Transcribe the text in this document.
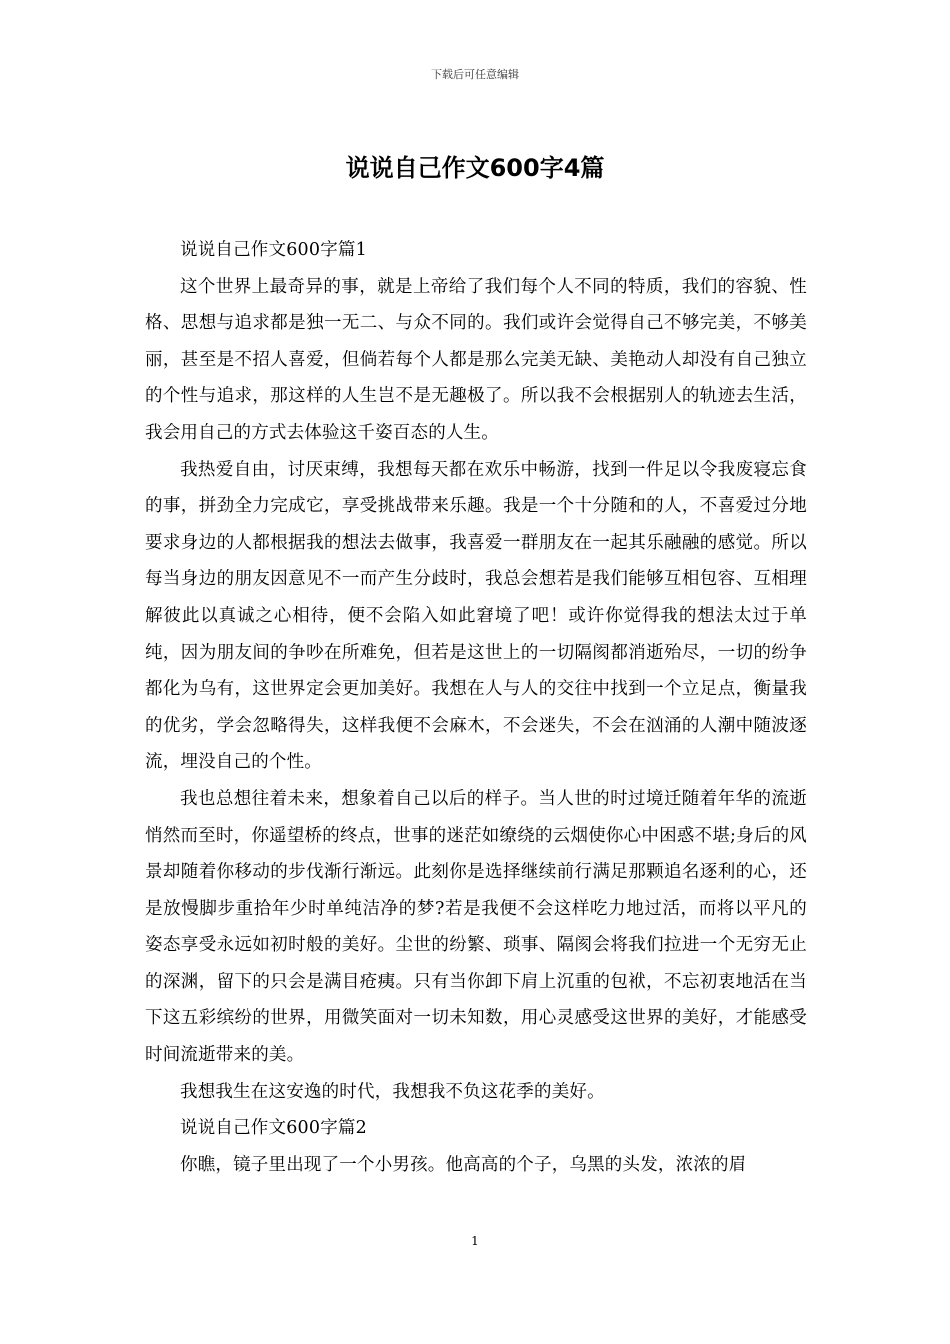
下载后可任意编辑
说说自己作文600字4篇

说说自己作文600字篇1

这个世界上最奇异的事，就是上帝给了我们每个人不同的特质，我们的容貌、性格、思想与追求都是独一无二、与众不同的。我们或许会觉得自己不够完美，不够美丽，甚至是不招人喜爱，但倘若每个人都是那么完美无缺、美艳动人却没有自己独立的个性与追求，那这样的人生岂不是无趣极了。所以我不会根据别人的轨迹去生活，我会用自己的方式去体验这千姿百态的人生。

我热爱自由，讨厌束缚，我想每天都在欢乐中畅游，找到一件足以令我废寝忘食的事，拼劲全力完成它，享受挑战带来乐趣。我是一个十分随和的人，不喜爱过分地要求身边的人都根据我的想法去做事，我喜爱一群朋友在一起其乐融融的感觉。所以每当身边的朋友因意见不一而产生分歧时，我总会想若是我们能够互相包容、互相理解彼此以真诚之心相待，便不会陷入如此窘境了吧！或许你觉得我的想法太过于单纯，因为朋友间的争吵在所难免，但若是这世上的一切隔阂都消逝殆尽，一切的纷争都化为乌有，这世界定会更加美好。我想在人与人的交往中找到一个立足点，衡量我的优劣，学会忽略得失，这样我便不会麻木，不会迷失，不会在汹涌的人潮中随波逐流，埋没自己的个性。

我也总想往着未来，想象着自己以后的样子。当人世的时过境迁随着年华的流逝悄然而至时，你遥望桥的终点，世事的迷茫如缭绕的云烟使你心中困惑不堪;身后的风景却随着你移动的步伐渐行渐远。此刻你是选择继续前行满足那颗追名逐利的心，还是放慢脚步重拾年少时单纯洁净的梦?若是我便不会这样吃力地过活，而将以平凡的姿态享受永远如初时般的美好。尘世的纷繁、琐事、隔阂会将我们拉进一个无穷无止的深渊，留下的只会是满目疮痍。只有当你卸下肩上沉重的包袱，不忘初衷地活在当下这五彩缤纷的世界，用微笑面对一切未知数，用心灵感受这世界的美好，才能感受时间流逝带来的美。

我想我生在这安逸的时代，我想我不负这花季的美好。

说说自己作文600字篇2

你瞧，镜子里出现了一个小男孩。他高高的个子，乌黑的头发，浓浓的眉

1
